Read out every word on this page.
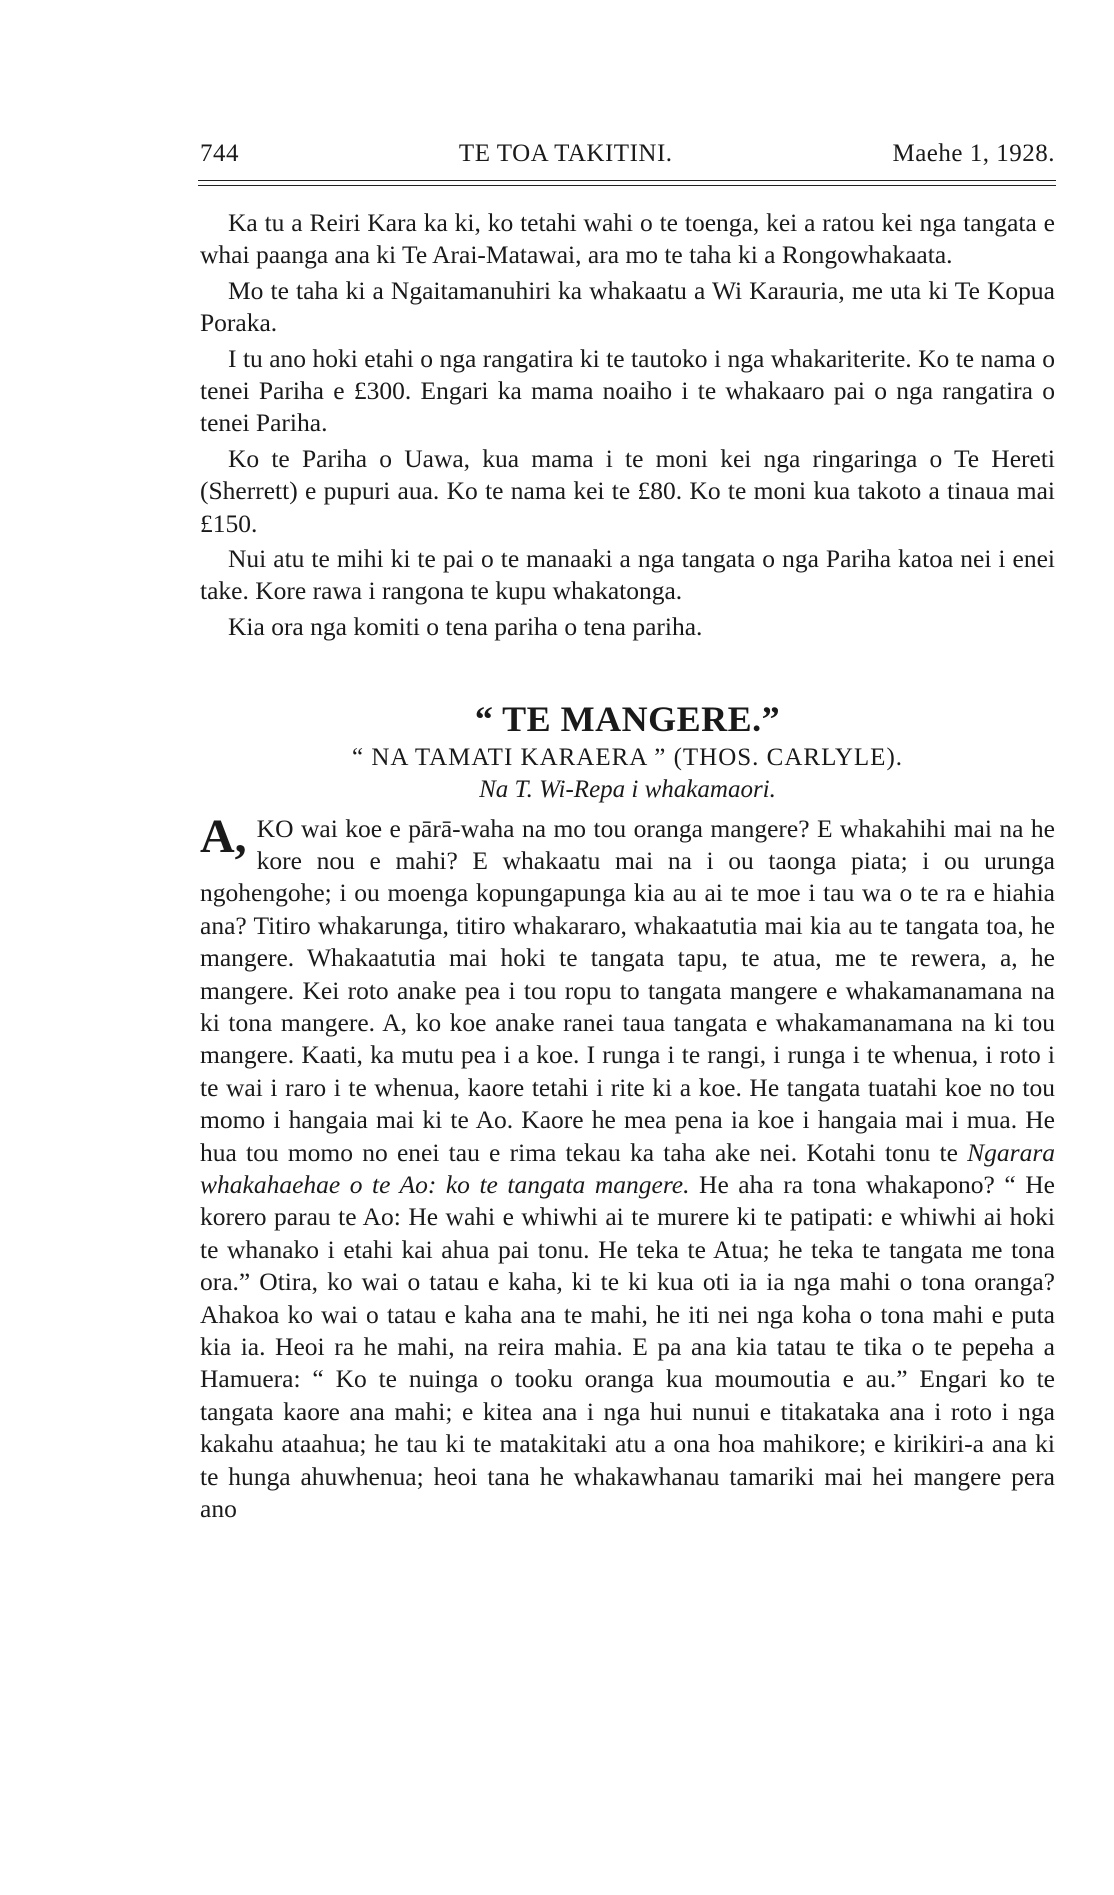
744	TE TOA TAKITINI.	Maehe 1, 1928.

Ka tu a Reiri Kara ka ki, ko tetahi wahi o te toenga, kei a ratou kei nga tangata e whai paanga ana ki Te Arai-Matawai, ara mo te taha ki a Rongowhakaata.

Mo te taha ki a Ngaitamanuhiri ka whakaatu a Wi Karauria, me uta ki Te Kopua Poraka.

I tu ano hoki etahi o nga rangatira ki te tautoko i nga whakariterite. Ko te nama o tenei Pariha e £300. Engari ka mama noaiho i te whakaaro pai o nga rangatira o tenei Pariha.

Ko te Pariha o Uawa, kua mama i te moni kei nga ringaringa o Te Hereti (Sherrett) e pupuri aua. Ko te nama kei te £80. Ko te moni kua takoto a tinaua mai £150.

Nui atu te mihi ki te pai o te manaaki a nga tangata o nga Pariha katoa nei i enei take. Kore rawa i rangona te kupu whakatonga.

Kia ora nga komiti o tena pariha o tena pariha.

“ TE MANGERE.”
“ NA TAMATI KARAERA ” (THOS. CARLYLE).
Na T. Wi-Repa i whakamaori.

A, KO wai koe e pārā-waha na mo tou oranga mangere? E whakahihi mai na he kore nou e mahi? E whakaatu mai na i ou taonga piata; i ou urunga ngohengohe; i ou moenga kopungapunga kia au ai te moe i tau wa o te ra e hiahia ana? Titiro whakarunga, titiro whakararo, whakaatutia mai kia au te tangata toa, he mangere. Whakaatutia mai hoki te tangata tapu, te atua, me te rewera, a, he mangere. Kei roto anake pea i tou ropu to tangata mangere e whakamanamana na ki tona mangere. A, ko koe anake ranei taua tangata e whakamanamana na ki tou mangere. Kaati, ka mutu pea i a koe. I runga i te rangi, i runga i te whenua, i roto i te wai i raro i te whenua, kaore tetahi i rite ki a koe. He tangata tuatahi koe no tou momo i hangaia mai ki te Ao. Kaore he mea pena ia koe i hangaia mai i mua. He hua tou momo no enei tau e rima tekau ka taha ake nei. Kotahi tonu te Ngarara whakahaehae o te Ao: ko te tangata mangere. He aha ra tona whakapono? “ He korero parau te Ao: He wahi e whiwhi ai te murere ki te patipati: e whiwhi ai hoki te whanako i etahi kai ahua pai tonu. He teka te Atua; he teka te tangata me tona ora.” Otira, ko wai o tatau e kaha, ki te ki kua oti ia ia nga mahi o tona oranga? Ahakoa ko wai o tatau e kaha ana te mahi, he iti nei nga koha o tona mahi e puta kia ia. Heoi ra he mahi, na reira mahia. E pa ana kia tatau te tika o te pepeha a Hamuera: “ Ko te nuinga o tooku oranga kua moumoutia e au.” Engari ko te tangata kaore ana mahi; e kitea ana i nga hui nunui e titakataka ana i roto i nga kakahu ataahua; he tau ki te matakitaki atu a ona hoa mahikore; e kirikiri-a ana ki te hunga ahuwhenua; heoi tana he whakawhanau tamariki mai hei mangere pera ano
